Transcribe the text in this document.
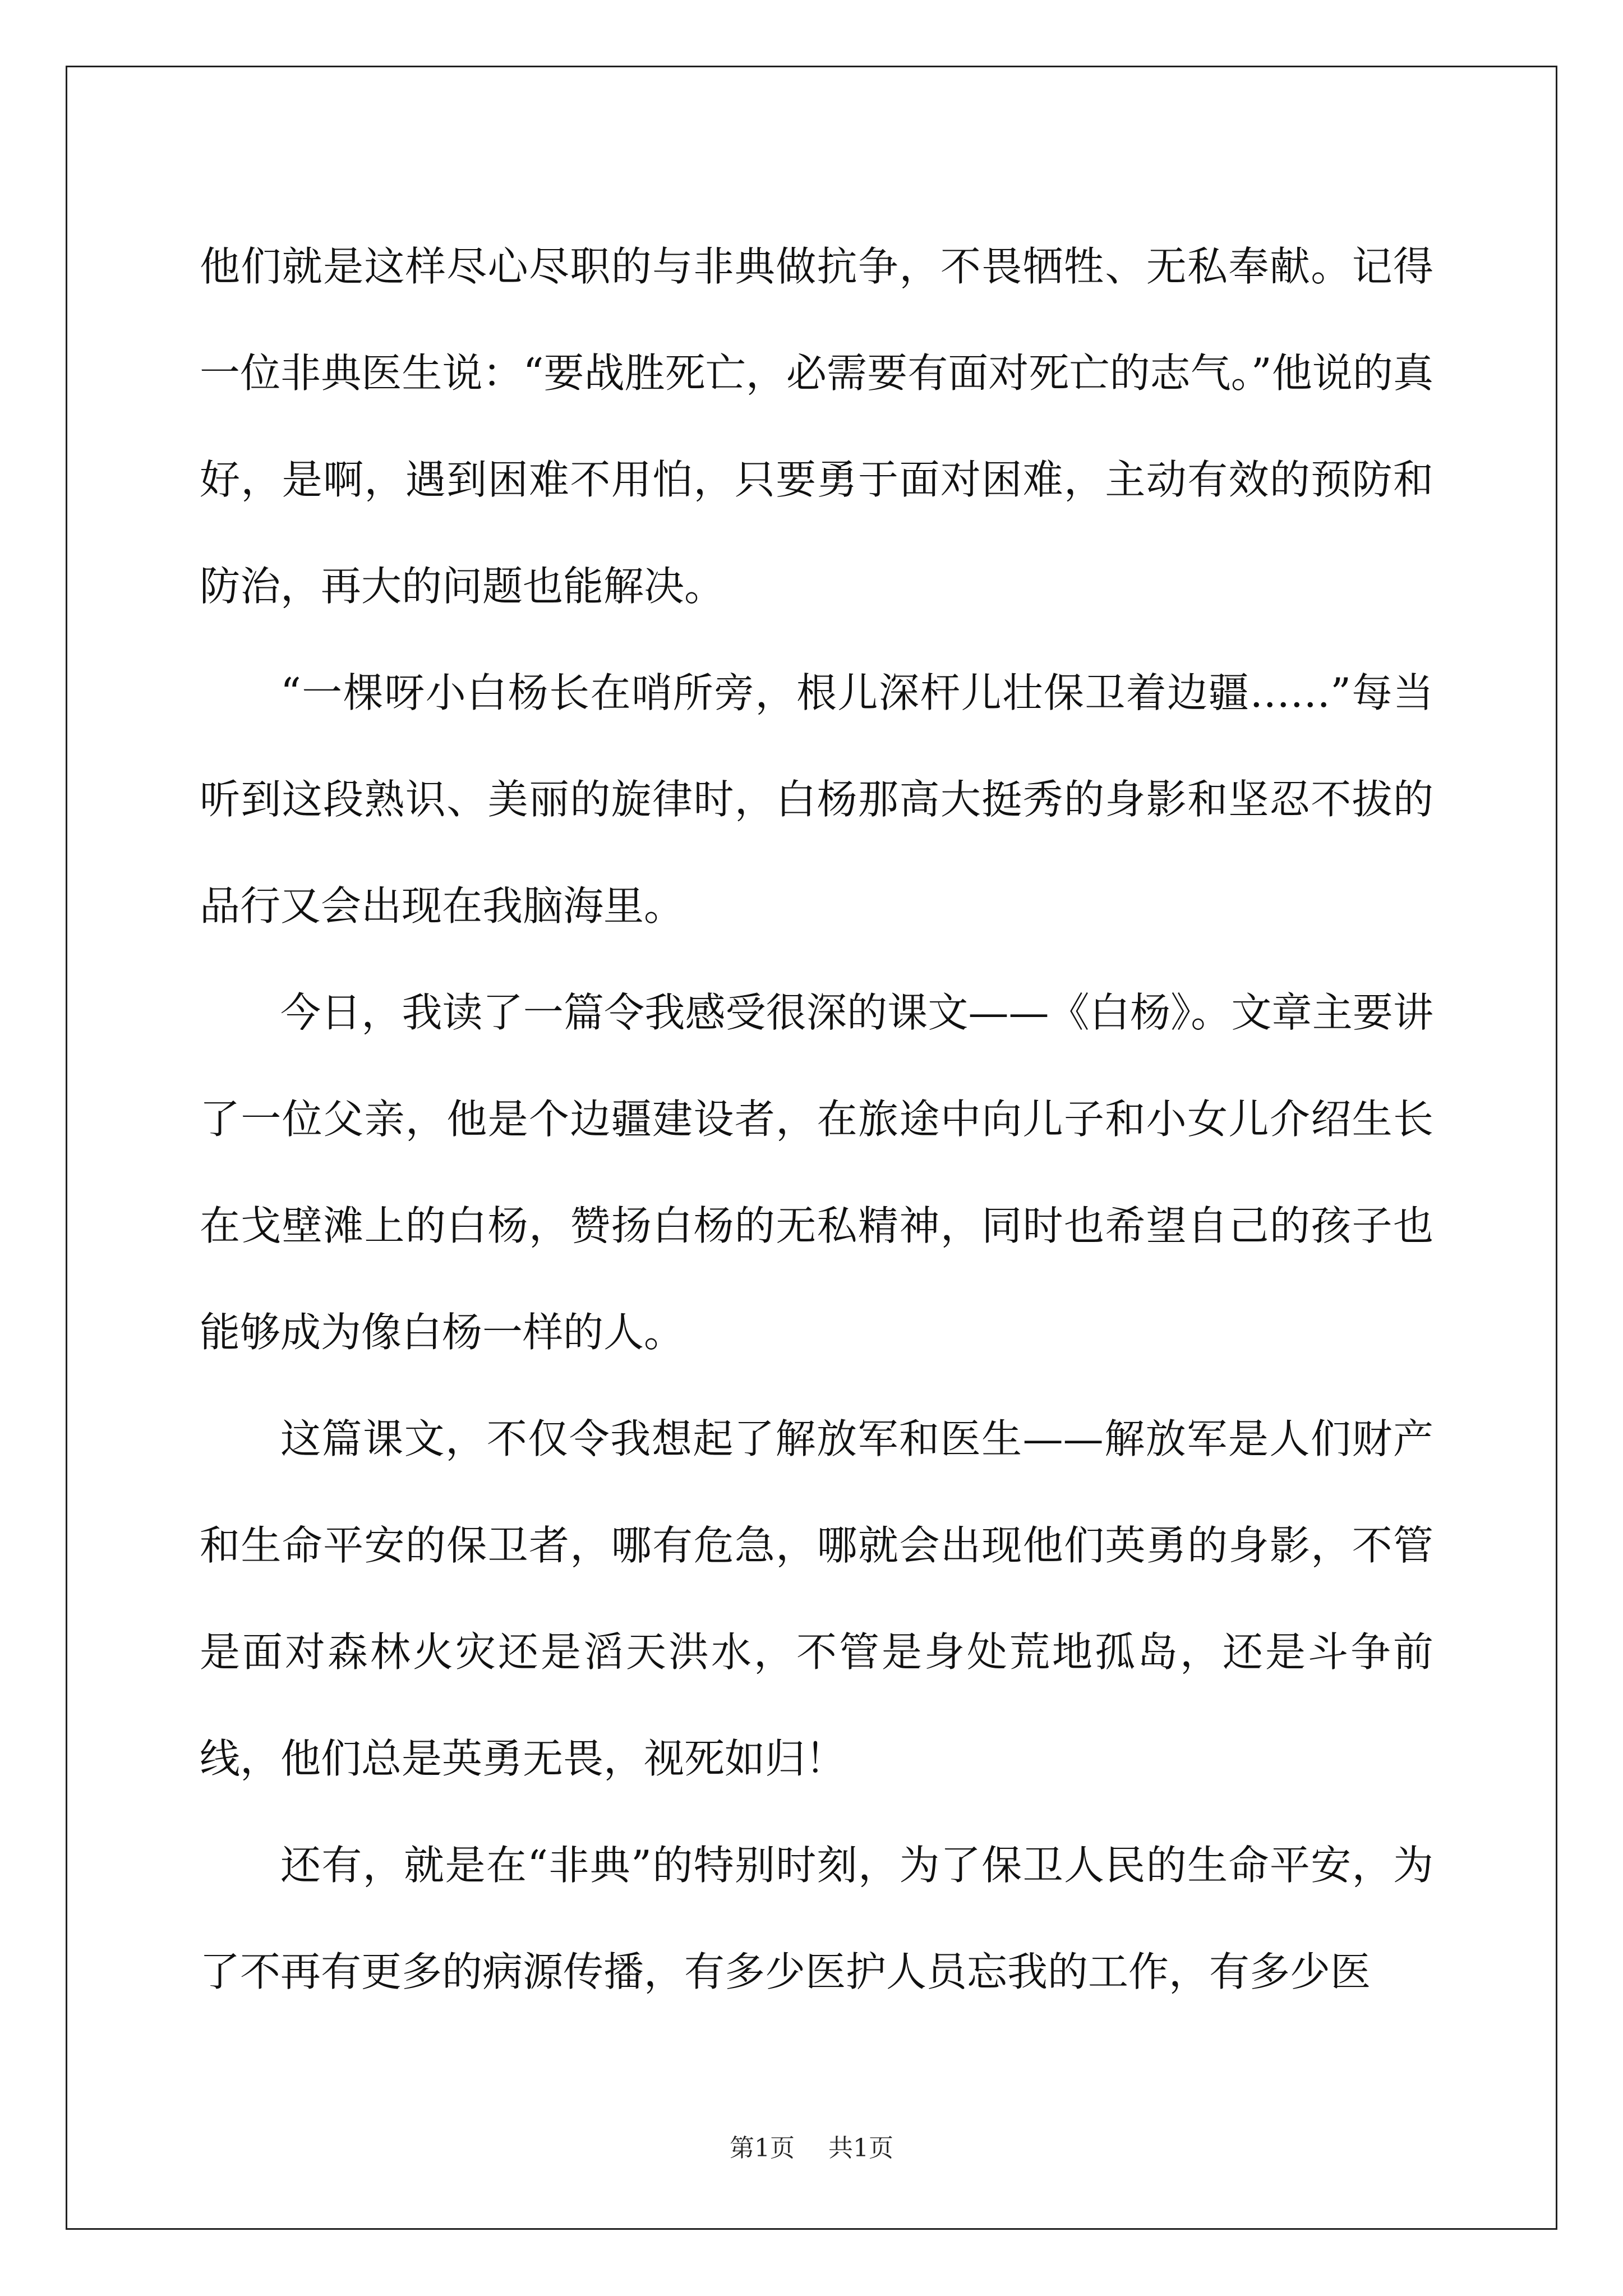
他们就是这样尽心尽职的与非典做抗争，不畏牺牲、无私奉献。记得一位非典医生说：“要战胜死亡，必需要有面对死亡的志气。”他说的真好，是啊，遇到困难不用怕，只要勇于面对困难，主动有效的预防和防治，再大的问题也能解决。

“一棵呀小白杨长在哨所旁，根儿深杆儿壮保卫着边疆……”每当听到这段熟识、美丽的旋律时，白杨那高大挺秀的身影和坚忍不拔的品行又会出现在我脑海里。

今日，我读了一篇令我感受很深的课文——《白杨》。文章主要讲了一位父亲，他是个边疆建设者，在旅途中向儿子和小女儿介绍生长在戈壁滩上的白杨，赞扬白杨的无私精神，同时也希望自己的孩子也能够成为像白杨一样的人。

这篇课文，不仅令我想起了解放军和医生——解放军是人们财产和生命平安的保卫者，哪有危急，哪就会出现他们英勇的身影，不管是面对森林火灾还是滔天洪水，不管是身处荒地孤岛，还是斗争前线，他们总是英勇无畏，视死如归！

还有，就是在“非典”的特别时刻，为了保卫人民的生命平安，为了不再有更多的病源传播，有多少医护人员忘我的工作，有多少医

第1页 共1页
